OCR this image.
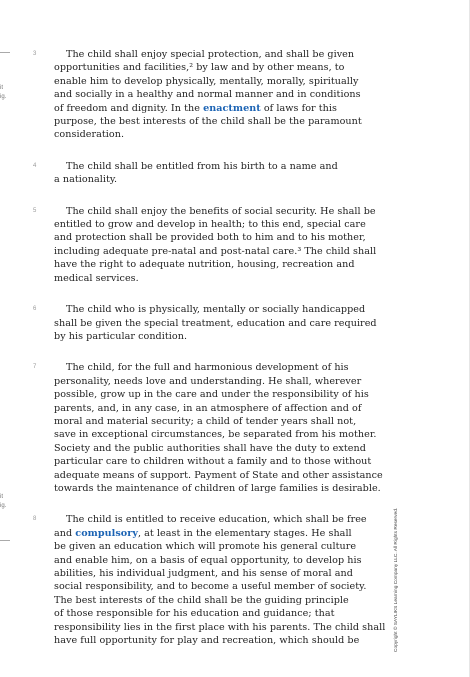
it
ig.
it
ig.
3	The child shall enjoy special protection, and shall be given
opportunities and facilities,² by law and by other means, to
enable him to develop physically, mentally, morally, spiritually
and socially in a healthy and normal manner and in conditions
of freedom and dignity. In the enactment of laws for this
purpose, the best interests of the child shall be the paramount
consideration.
4	The child shall be entitled from his birth to a name and
a nationality.
5	The child shall enjoy the benefits of social security. He shall be
entitled to grow and develop in health; to this end, special care
and protection shall be provided both to him and to his mother,
including adequate pre-natal and post-natal care.³ The child shall
have the right to adequate nutrition, housing, recreation and
medical services.
6	The child who is physically, mentally or socially handicapped
shall be given the special treatment, education and care required
by his particular condition.
7	The child, for the full and harmonious development of his
personality, needs love and understanding. He shall, wherever
possible, grow up in the care and under the responsibility of his
parents, and, in any case, in an atmosphere of affection and of
moral and material security; a child of tender years shall not,
save in exceptional circumstances, be separated from his mother.
Society and the public authorities shall have the duty to extend
particular care to children without a family and to those without
adequate means of support. Payment of State and other assistance
towards the maintenance of children of large families is desirable.
8	The child is entitled to receive education, which shall be free
and compulsory, at least in the elementary stages. He shall
be given an education which will promote his general culture
and enable him, on a basis of equal opportunity, to develop his
abilities, his individual judgment, and his sense of moral and
social responsibility, and to become a useful member of society.
The best interests of the child shall be the guiding principle
of those responsible for his education and guidance; that
responsibility lies in the first place with his parents. The child shall
have full opportunity for play and recreation, which should be	Copyright © SAYLIKS Learning Company LLC. All Rights Reserved.
